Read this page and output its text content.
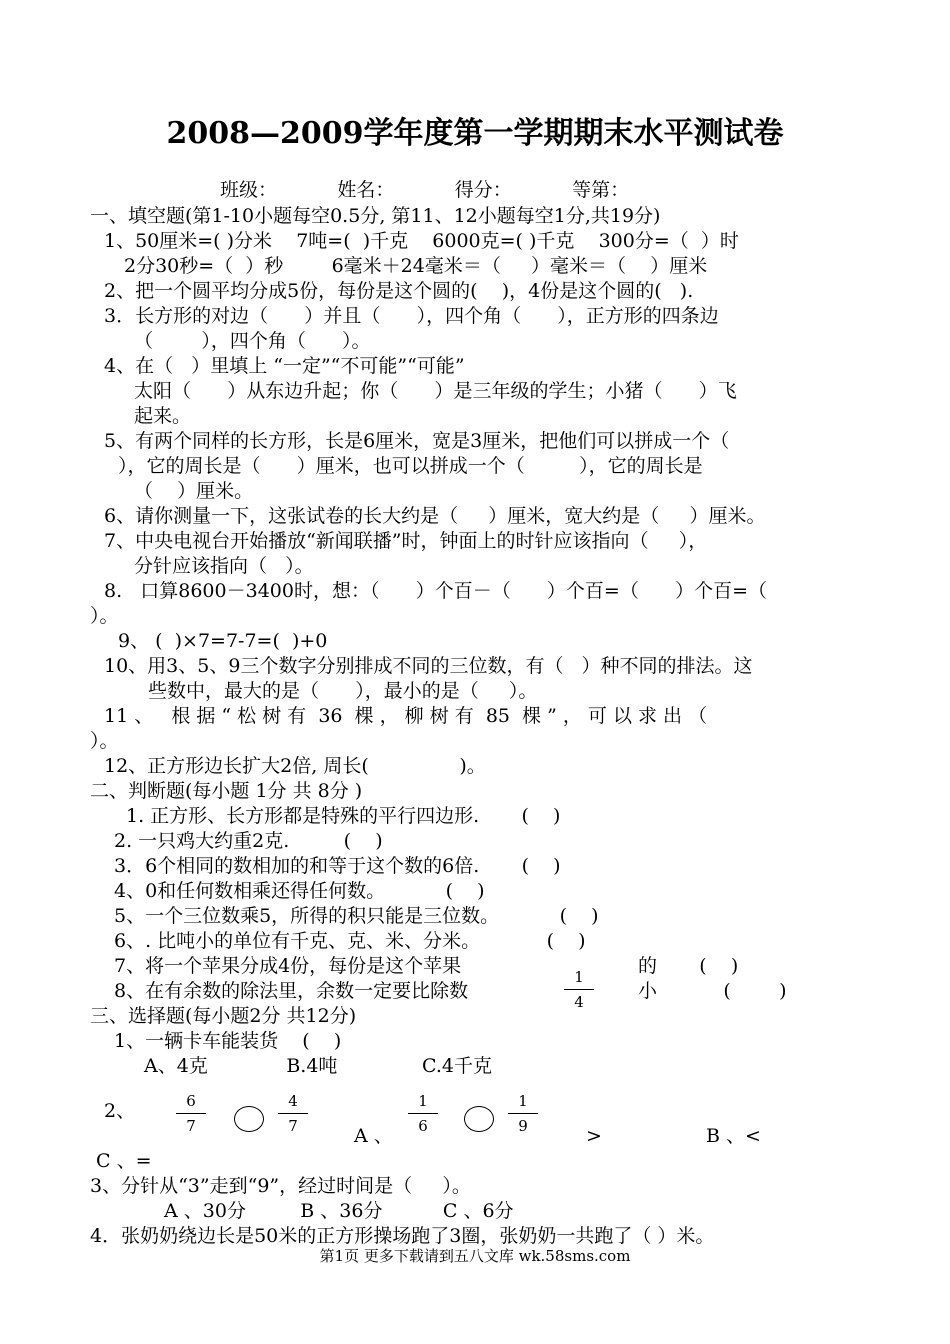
2008—2009学年度第一学期期末水平测试卷
班级：          姓名：          得分：          等第：
一、填空题(第1-10小题每空0.5分, 第11、12小题每空1分,共19分)
1、50厘米=( )分米    7吨=(  )千克    6000克=( )千克    300分=（  ）时
2分30秒=（  ）秒        6毫米＋24毫米＝（     ）毫米＝（    ）厘米
2、把一个圆平均分成5份，每份是这个圆的(    )，4份是这个圆的(   ).
3．长方形的对边（      ）并且（      ），四个角（      ），正方形的四条边
（        ），四个角（      ）。
4、在（   ）里填上 “一定”“不可能”“可能”
太阳（      ）从东边升起；你（      ）是三年级的学生；小猪（      ）飞
起来。
5、有两个同样的长方形，长是6厘米，宽是3厘米，把他们可以拼成一个（
），它的周长是（      ）厘米，也可以拼成一个（         ），它的周长是
（    ）厘米。
6、请你测量一下，这张试卷的长大约是（     ）厘米，宽大约是（     ）厘米。
7、中央电视台开始播放“新闻联播”时，钟面上的时针应该指向（     ），
分针应该指向（   ）。
8.   口算8600－3400时，想：（      ）个百－（      ）个百=（      ）个百=（
）。
9、 (  )×7=7-7=(  )+0
10、用3、5、9三个数字分别排成不同的三位数，有（   ）种不同的排法。这
些数中，最大的是（      ），最小的是（     ）。
11 、   根 据 “ 松 树 有  36  棵 ， 柳 树 有  85  棵 ” ， 可 以 求 出 （
）。
12、正方形边长扩大2倍, 周长(               )。
二、判断题(每小题 1分 共 8分 )
1. 正方形、长方形都是特殊的平行四边形.       (    )
2. 一只鸡大约重2克.         (    )
3．6个相同的数相加的和等于这个数的6倍.       (    )
4、0和任何数相乘还得任何数。          (    )
5、一个三位数乘5，所得的积只能是三位数。          (    )
6、. 比吨小的单位有千克、克、米、分米。           (    )
7、将一个苹果分成4份，每份是这个苹果	的       (    )
8、在有余数的除法里，余数一定要比除数	小           (        )
1
4
三、选择题(每小题2分 共12分)
1、一辆卡车能装货    (    )
A、4克             B.4吨              C.4千克
2、	6
7
4
7	A 、
1
6
1
9	>	B 、<
C 、=
3、分针从“3”走到“9”，经过时间是（     ）。
A 、30分         B 、36分          C 、6分
4．张奶奶绕边长是50米的正方形操场跑了3圈，张奶奶一共跑了（ ）米。
第1页 更多下载请到五八文库 wk.58sms.com
